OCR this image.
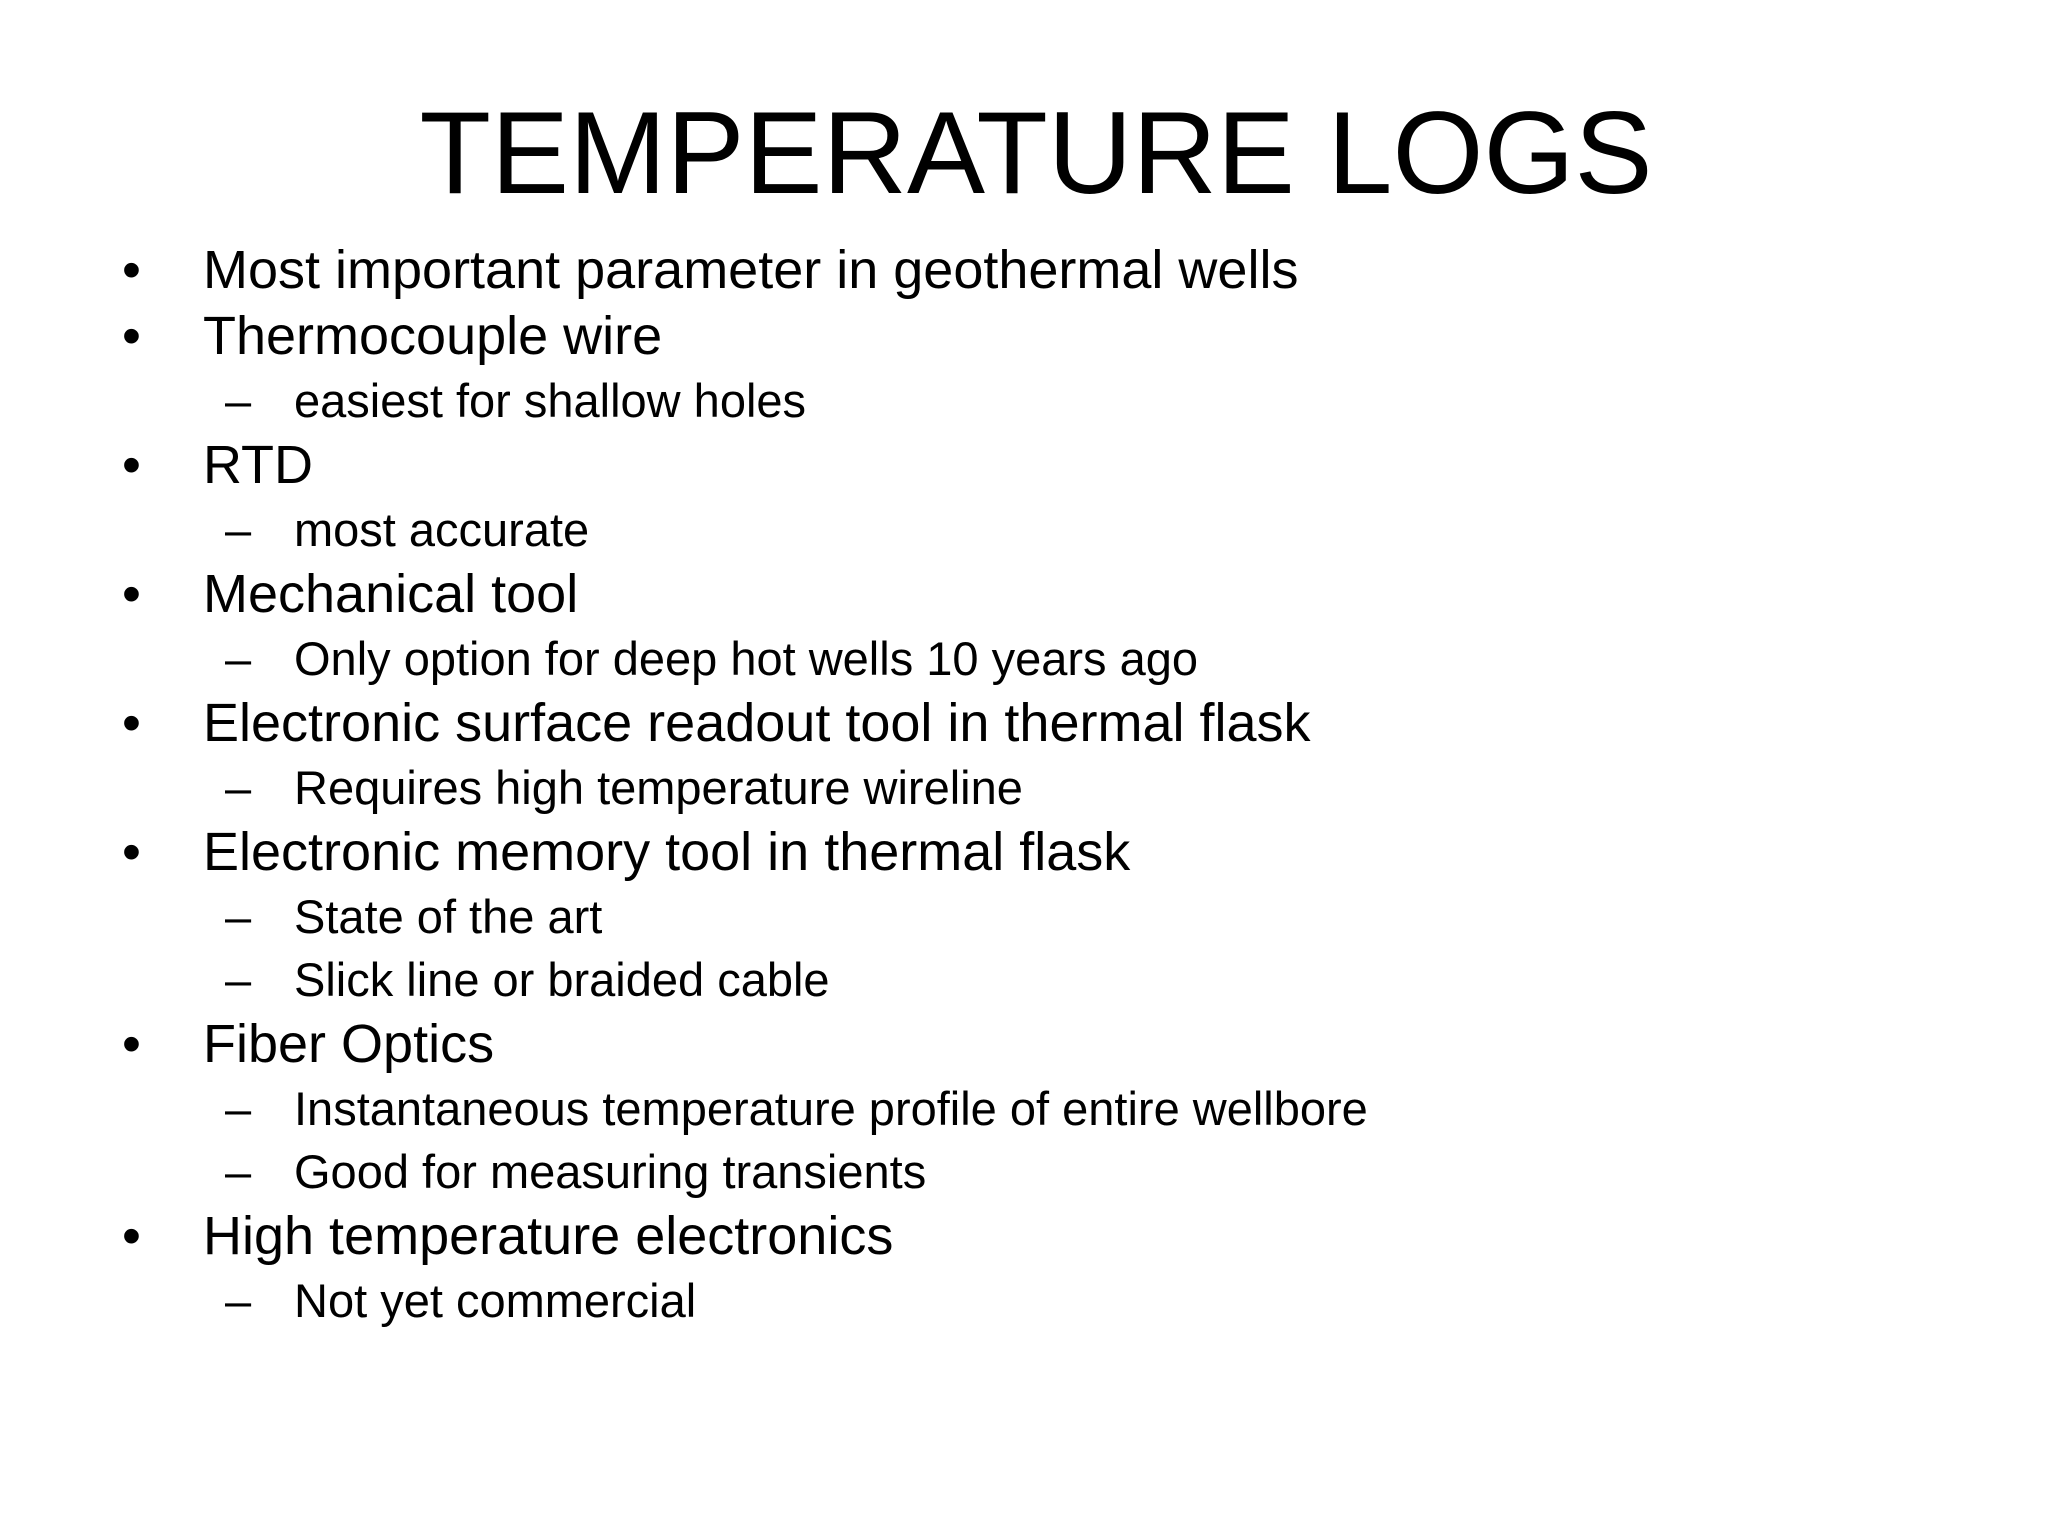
TEMPERATURE LOGS
• Most important parameter in geothermal wells
• Thermocouple wire
– easiest for shallow holes
• RTD
– most accurate
• Mechanical tool
– Only option for deep hot wells 10 years ago
• Electronic surface readout tool in thermal flask
– Requires high temperature wireline
• Electronic memory tool in thermal flask
– State of the art
– Slick line or braided cable
• Fiber Optics
– Instantaneous temperature profile of entire wellbore
– Good for measuring transients
• High temperature electronics
– Not yet commercial
